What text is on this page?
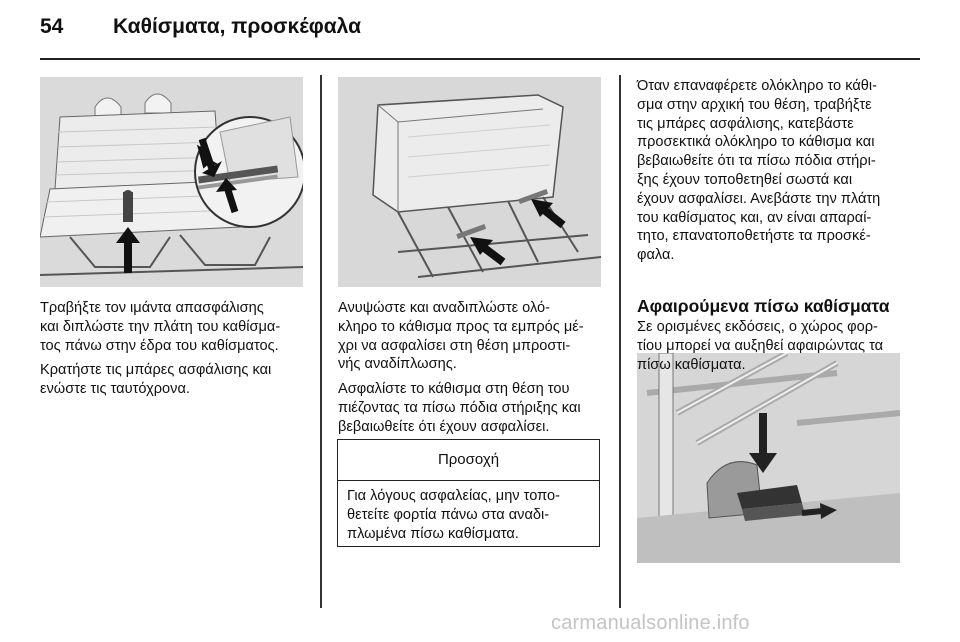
54 Καθίσματα, προσκέφαλα
Τραβήξτε τον ιμάντα απασφάλισης
και διπλώστε την πλάτη του καθίσμα-
τος πάνω στην έδρα του καθίσματος.
Κρατήστε τις μπάρες ασφάλισης και
ενώστε τις ταυτόχρονα.
Ανυψώστε και αναδιπλώστε ολό-
κληρο το κάθισμα προς τα εμπρός μέ-
χρι να ασφαλίσει στη θέση μπροστι-
νής αναδίπλωσης.
Ασφαλίστε το κάθισμα στη θέση του
πιέζοντας τα πίσω πόδια στήριξης και
βεβαιωθείτε ότι έχουν ασφαλίσει.
Προσοχή
Για λόγους ασφαλείας, μην τοπο-
θετείτε φορτία πάνω στα αναδι-
πλωμένα πίσω καθίσματα.
Όταν επαναφέρετε ολόκληρο το κάθι-
σμα στην αρχική του θέση, τραβήξτε
τις μπάρες ασφάλισης, κατεβάστε
προσεκτικά ολόκληρο το κάθισμα και
βεβαιωθείτε ότι τα πίσω πόδια στήρι-
ξης έχουν τοποθετηθεί σωστά και
έχουν ασφαλίσει. Ανεβάστε την πλάτη
του καθίσματος και, αν είναι απαραί-
τητο, επανατοποθετήστε τα προσκέ-
φαλα.
Αφαιρούμενα πίσω καθίσματα
Σε ορισμένες εκδόσεις, ο χώρος φορ-
τίου μπορεί να αυξηθεί αφαιρώντας τα
πίσω καθίσματα.
carmanualsonline.info
